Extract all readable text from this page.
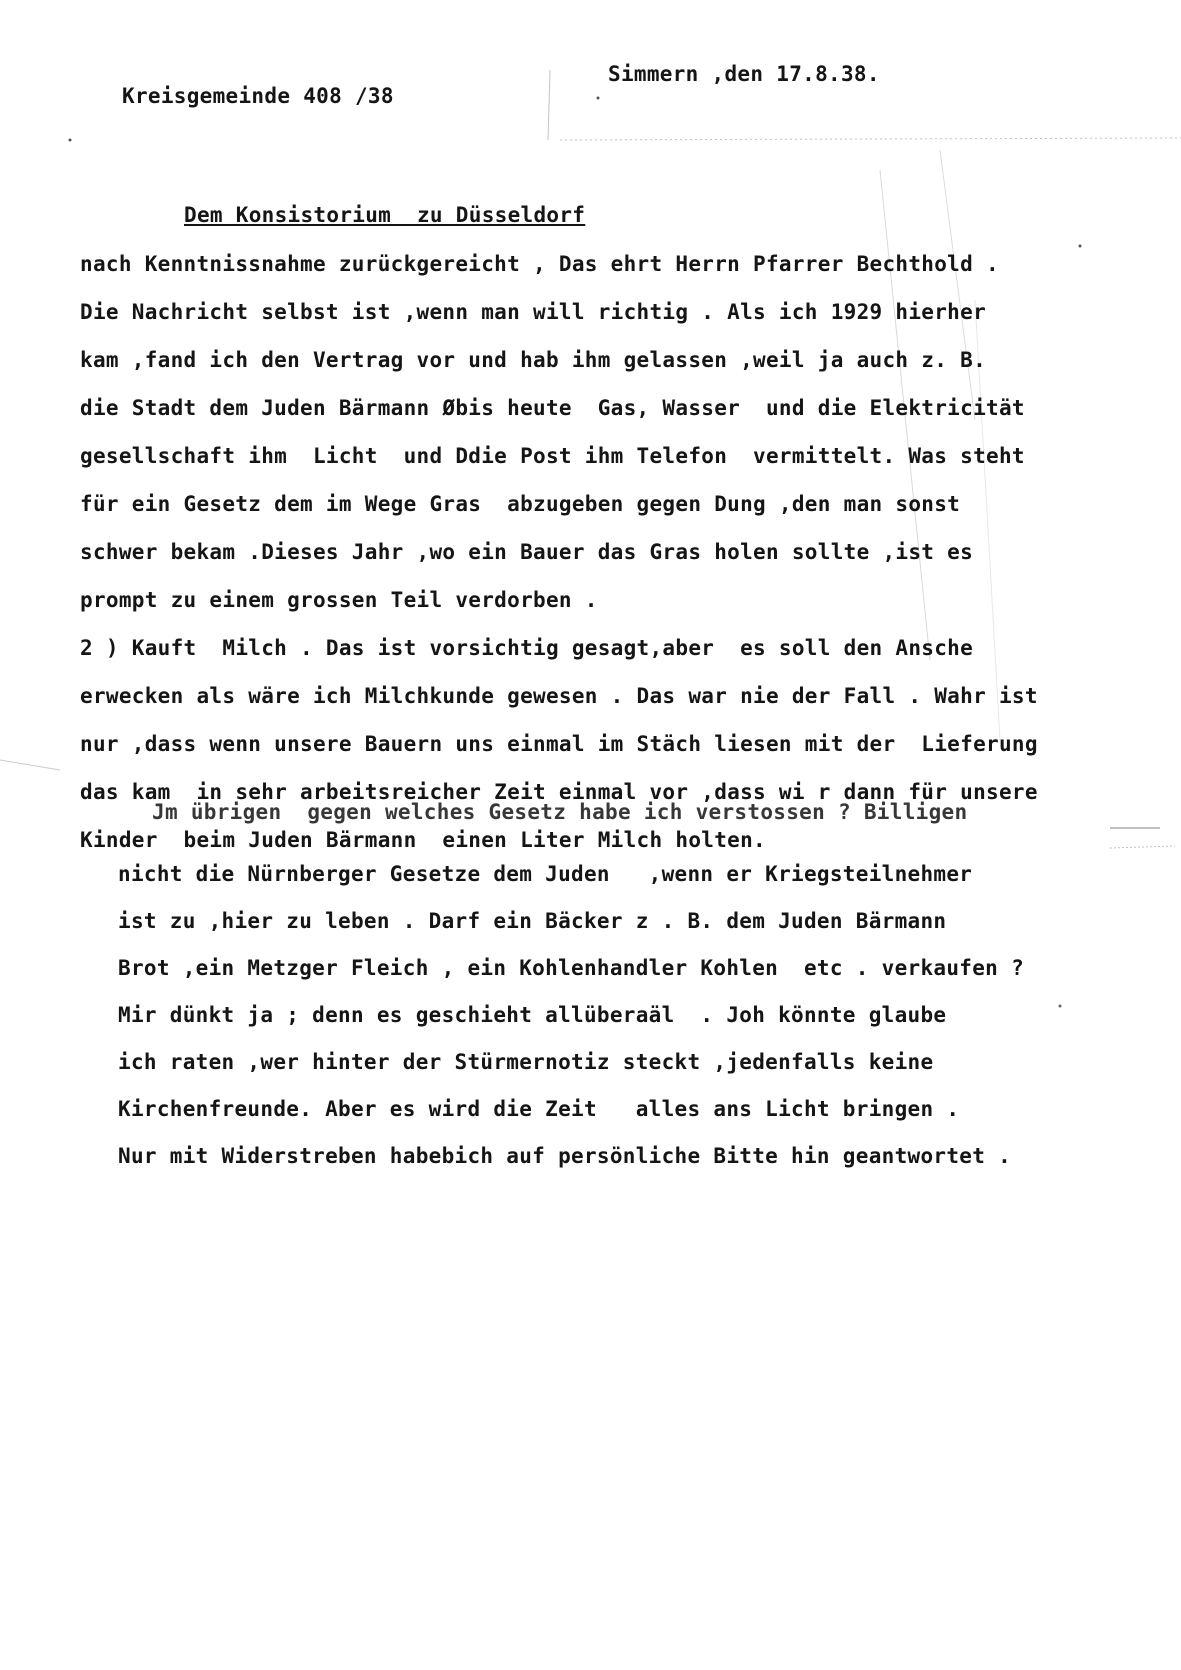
Kreisgemeinde 408 /38
Simmern ,den 17.8.38.
Dem Konsistorium  zu Düsseldorf
nach Kenntnissnahme zurückgereicht , Das ehrt Herrn Pfarrer Bechthold .
Die Nachricht selbst ist ,wenn man will richtig . Als ich 1929 hierher
kam ,fand ich den Vertrag vor und hab ihm gelassen ,weil ja auch z. B.
die Stadt dem Juden Bärmann Øbis heute  Gas, Wasser  und die Elektricität
gesellschaft ihm  Licht  und Ddie Post ihm Telefon  vermittelt. Was steht
für ein Gesetz dem im Wege Gras  abzugeben gegen Dung ,den man sonst
schwer bekam .Dieses Jahr ,wo ein Bauer das Gras holen sollte ,ist es
prompt zu einem grossen Teil verdorben .
2 ) Kauft  Milch . Das ist vorsichtig gesagt,aber  es soll den Ansche
erwecken als wäre ich Milchkunde gewesen . Das war nie der Fall . Wahr ist
nur ,dass wenn unsere Bauern uns einmal im Stäch liesen mit der  Lieferung
das kam  in sehr arbeitsreicher Zeit einmal vor ,dass wi r dann für unsere
Kinder  beim Juden Bärmann  einen Liter Milch holten.
Jm übrigen  gegen welches Gesetz habe ich verstossen ? Billigen
nicht die Nürnberger Gesetze dem Juden   ,wenn er Kriegsteilnehmer
ist zu ,hier zu leben . Darf ein Bäcker z . B. dem Juden Bärmann
Brot ,ein Metzger Fleich , ein Kohlenhandler Kohlen  etc . verkaufen ?
Mir dünkt ja ; denn es geschieht allüberaäl  . Joh könnte glaube
ich raten ,wer hinter der Stürmernotiz steckt ,jedenfalls keine
Kirchenfreunde. Aber es wird die Zeit   alles ans Licht bringen .
Nur mit Widerstreben habebich auf persönliche Bitte hin geantwortet .
